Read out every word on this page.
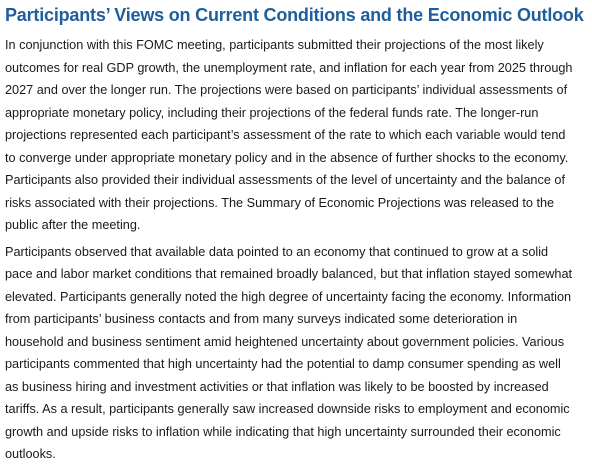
Participants’ Views on Current Conditions and the Economic Outlook

In conjunction with this FOMC meeting, participants submitted their projections of the most likely
outcomes for real GDP growth, the unemployment rate, and inflation for each year from 2025 through
2027 and over the longer run. The projections were based on participants’ individual assessments of
appropriate monetary policy, including their projections of the federal funds rate. The longer-run
projections represented each participant’s assessment of the rate to which each variable would tend
to converge under appropriate monetary policy and in the absence of further shocks to the economy.
Participants also provided their individual assessments of the level of uncertainty and the balance of
risks associated with their projections. The Summary of Economic Projections was released to the
public after the meeting.

Participants observed that available data pointed to an economy that continued to grow at a solid
pace and labor market conditions that remained broadly balanced, but that inflation stayed somewhat
elevated. Participants generally noted the high degree of uncertainty facing the economy. Information
from participants’ business contacts and from many surveys indicated some deterioration in
household and business sentiment amid heightened uncertainty about government policies. Various
participants commented that high uncertainty had the potential to damp consumer spending as well
as business hiring and investment activities or that inflation was likely to be boosted by increased
tariffs. As a result, participants generally saw increased downside risks to employment and economic
growth and upside risks to inflation while indicating that high uncertainty surrounded their economic
outlooks.
